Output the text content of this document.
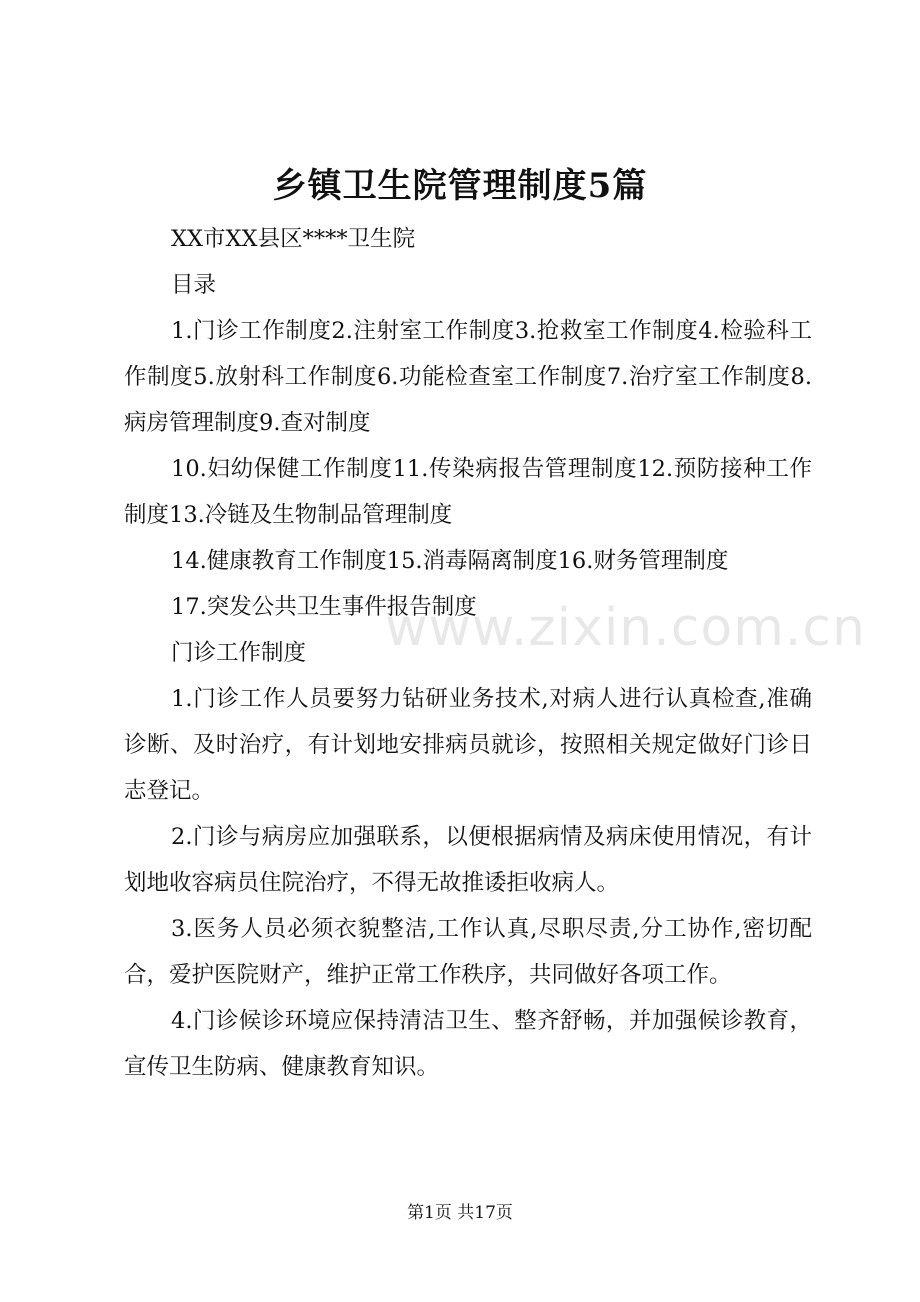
乡镇卫生院管理制度5篇

XX市XX县区****卫生院

目录

1.门诊工作制度2.注射室工作制度3.抢救室工作制度4.检验科工作制度5.放射科工作制度6.功能检查室工作制度7.治疗室工作制度8.病房管理制度9.查对制度

10.妇幼保健工作制度11.传染病报告管理制度12.预防接种工作制度13.冷链及生物制品管理制度

14.健康教育工作制度15.消毒隔离制度16.财务管理制度

17.突发公共卫生事件报告制度

门诊工作制度

1.门诊工作人员要努力钻研业务技术,对病人进行认真检查,准确诊断、及时治疗，有计划地安排病员就诊，按照相关规定做好门诊日志登记。

2.门诊与病房应加强联系，以便根据病情及病床使用情况，有计划地收容病员住院治疗，不得无故推诿拒收病人。

3.医务人员必须衣貌整洁,工作认真,尽职尽责,分工协作,密切配合，爱护医院财产，维护正常工作秩序，共同做好各项工作。

4.门诊候诊环境应保持清洁卫生、整齐舒畅，并加强候诊教育，宣传卫生防病、健康教育知识。

www.zixin.com.cn
第1页 共17页
